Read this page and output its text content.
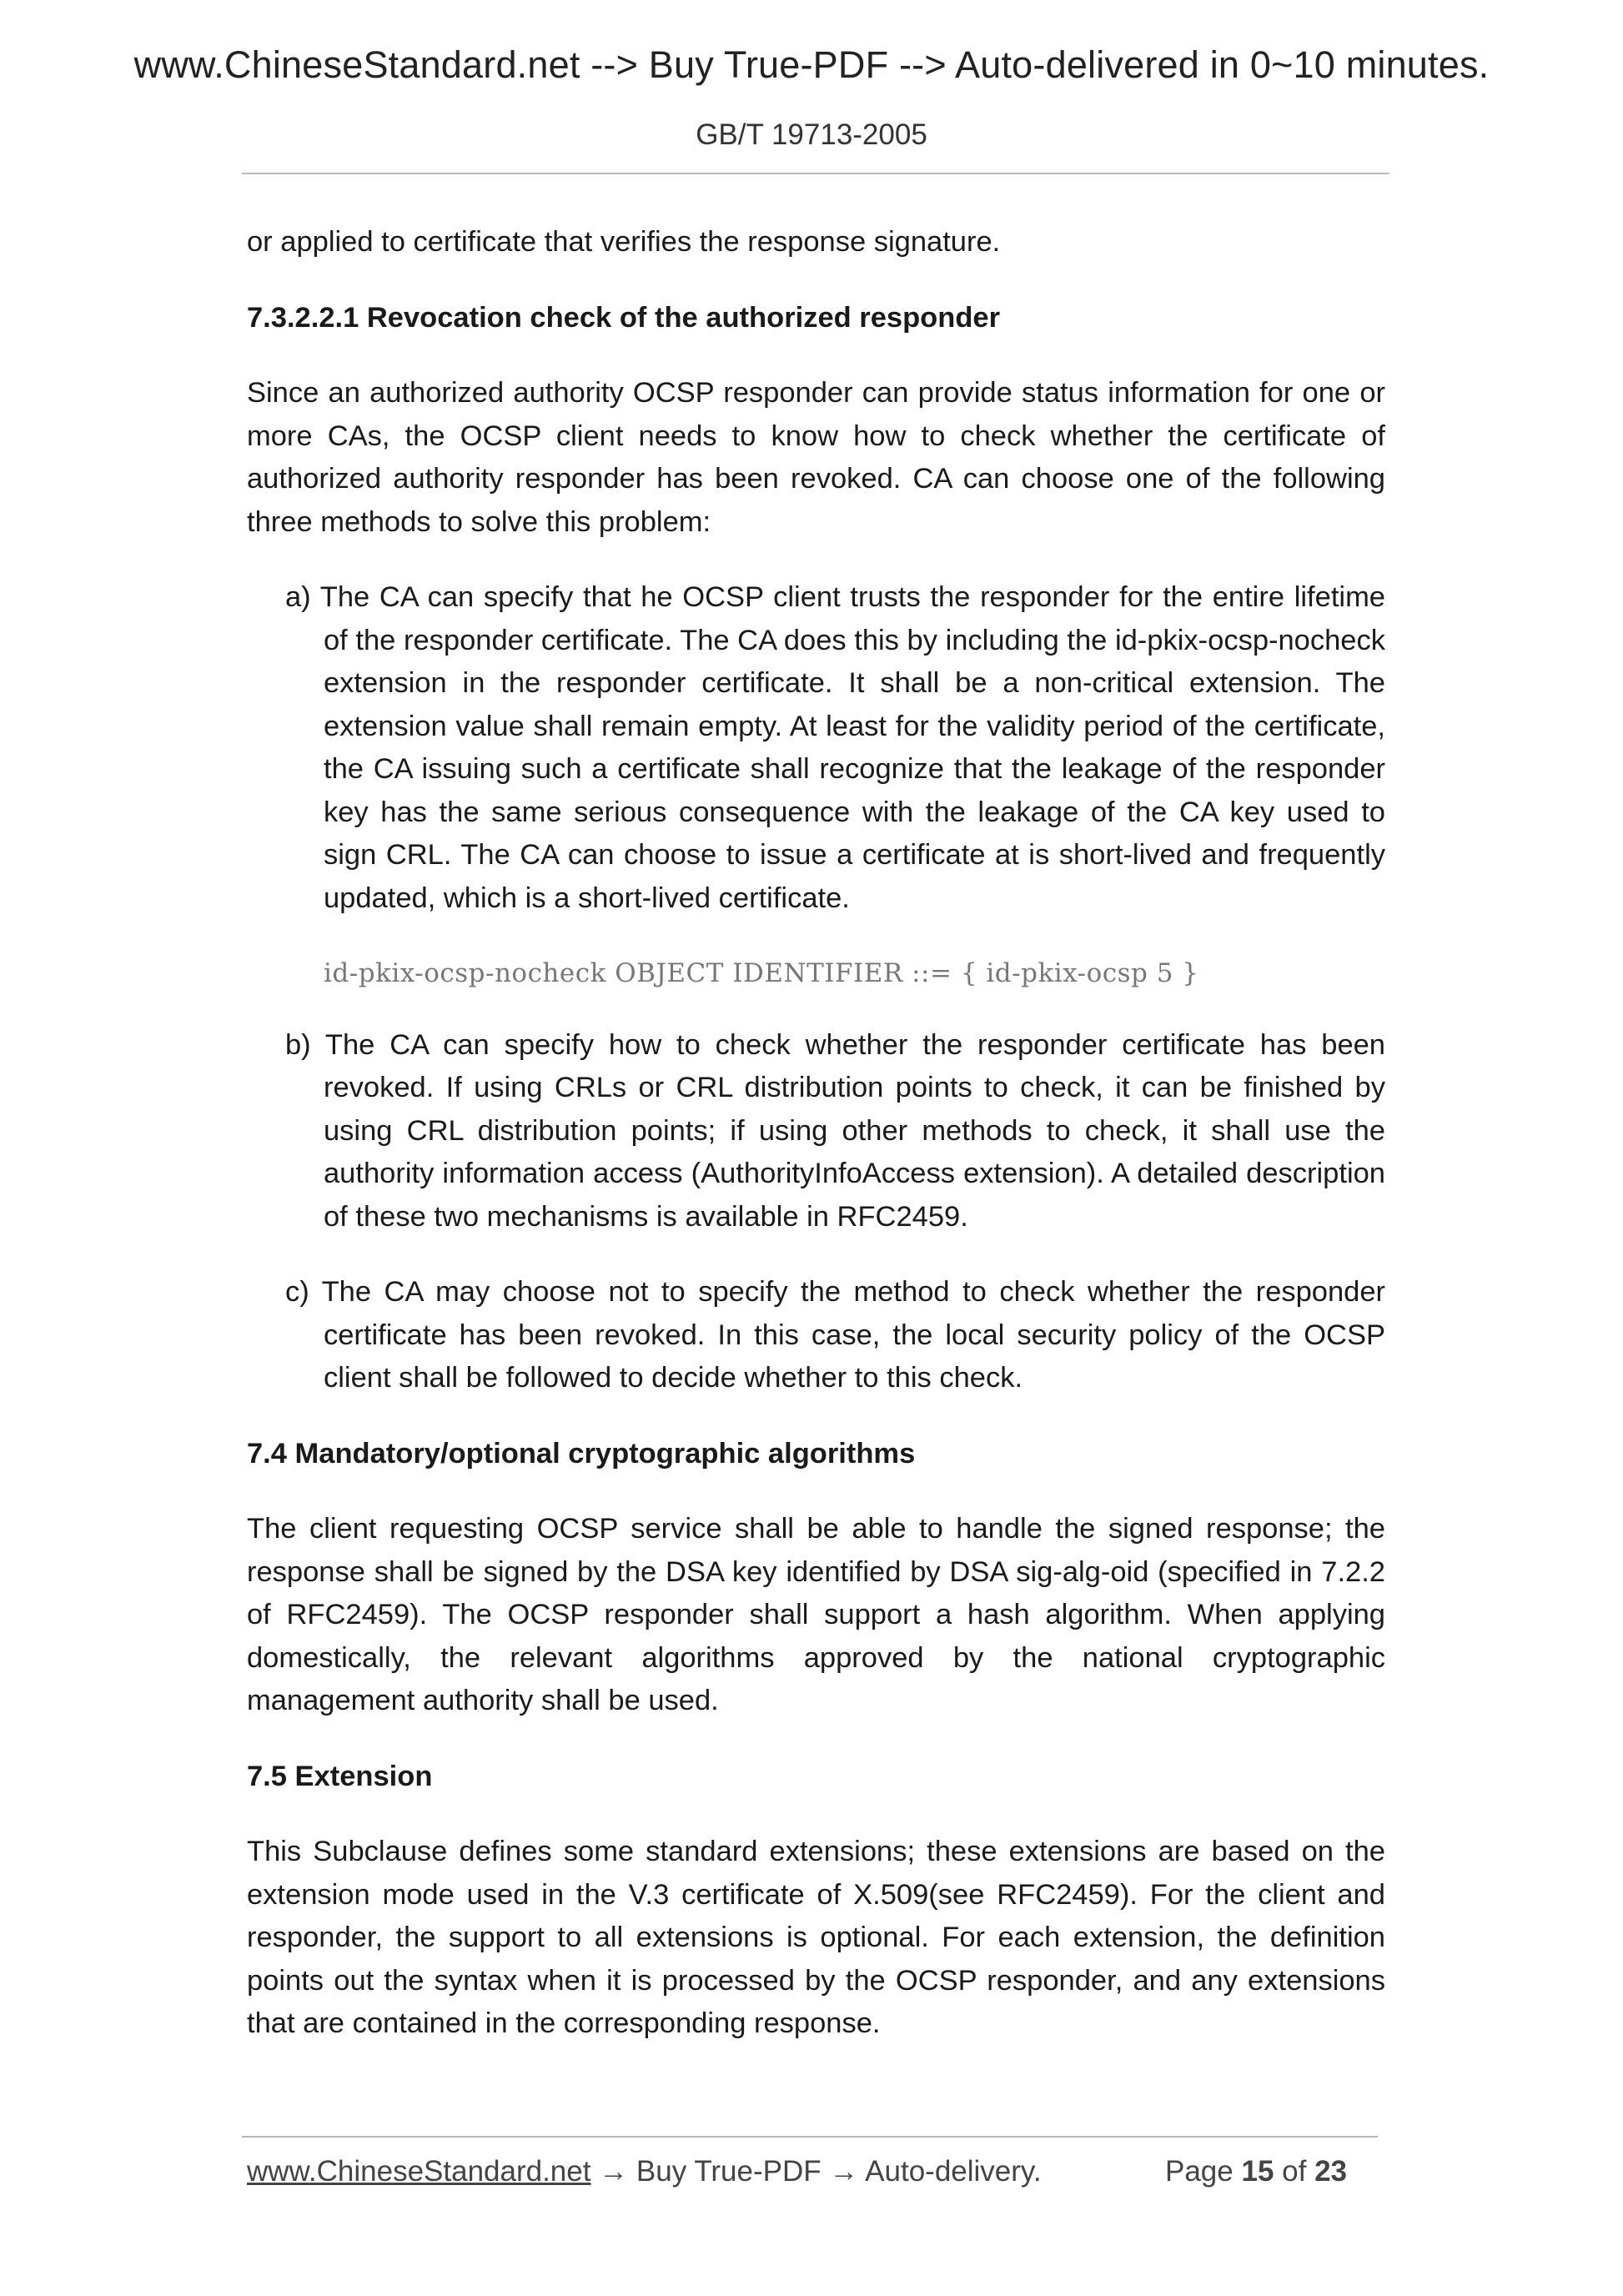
www.ChineseStandard.net --> Buy True-PDF --> Auto-delivered in 0~10 minutes.
GB/T 19713-2005

or applied to certificate that verifies the response signature.

7.3.2.2.1 Revocation check of the authorized responder

Since an authorized authority OCSP responder can provide status information for one or more CAs, the OCSP client needs to know how to check whether the certificate of authorized authority responder has been revoked. CA can choose one of the following three methods to solve this problem:

a) The CA can specify that he OCSP client trusts the responder for the entire lifetime of the responder certificate. The CA does this by including the id-pkix-ocsp-nocheck extension in the responder certificate. It shall be a non-critical extension. The extension value shall remain empty. At least for the validity period of the certificate, the CA issuing such a certificate shall recognize that the leakage of the responder key has the same serious consequence with the leakage of the CA key used to sign CRL. The CA can choose to issue a certificate at is short-lived and frequently updated, which is a short-lived certificate.
id-pkix-ocsp-nocheck OBJECT IDENTIFIER ::= { id-pkix-ocsp 5 }
b) The CA can specify how to check whether the responder certificate has been revoked. If using CRLs or CRL distribution points to check, it can be finished by using CRL distribution points; if using other methods to check, it shall use the authority information access (AuthorityInfoAccess extension). A detailed description of these two mechanisms is available in RFC2459.
c) The CA may choose not to specify the method to check whether the responder certificate has been revoked. In this case, the local security policy of the OCSP client shall be followed to decide whether to this check.
7.4 Mandatory/optional cryptographic algorithms

The client requesting OCSP service shall be able to handle the signed response; the response shall be signed by the DSA key identified by DSA sig-alg-oid (specified in 7.2.2 of RFC2459). The OCSP responder shall support a hash algorithm. When applying domestically, the relevant algorithms approved by the national cryptographic management authority shall be used.

7.5 Extension

This Subclause defines some standard extensions; these extensions are based on the extension mode used in the V.3 certificate of X.509(see RFC2459). For the client and responder, the support to all extensions is optional. For each extension, the definition points out the syntax when it is processed by the OCSP responder, and any extensions that are contained in the corresponding response.

www.ChineseStandard.net → Buy True-PDF → Auto-delivery.	Page 15 of 23
